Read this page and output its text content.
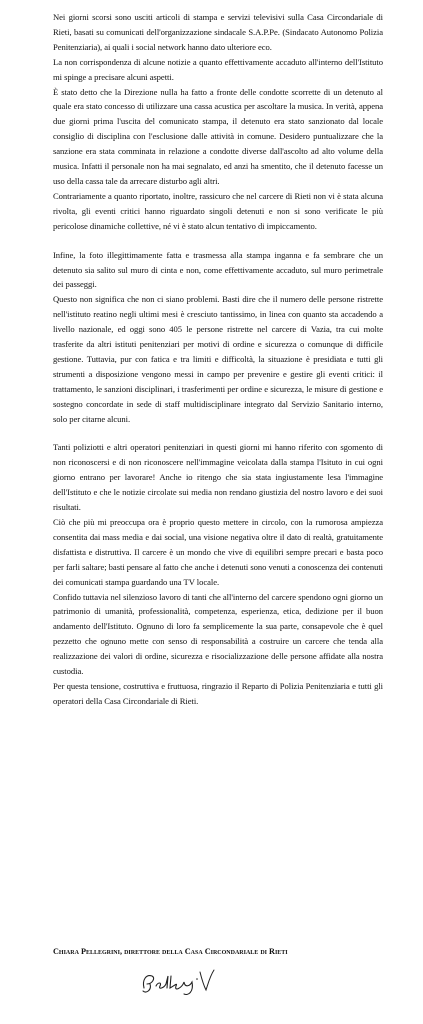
Nei giorni scorsi sono usciti articoli di stampa e servizi televisivi sulla Casa Circondariale di Rieti, basati su comunicati dell'organizzazione sindacale S.A.P.Pe. (Sindacato Autonomo Polizia Penitenziaria), ai quali i social network hanno dato ulteriore eco.

La non corrispondenza di alcune notizie a quanto effettivamente accaduto all'interno dell'Istituto mi spinge a precisare alcuni aspetti.

È stato detto che la Direzione nulla ha fatto a fronte delle condotte scorrette di un detenuto al quale era stato concesso di utilizzare una cassa acustica per ascoltare la musica. In verità, appena due giorni prima l'uscita del comunicato stampa, il detenuto era stato sanzionato dal locale consiglio di disciplina con l'esclusione dalle attività in comune. Desidero puntualizzare che la sanzione era stata comminata in relazione a condotte diverse dall'ascolto ad alto volume della musica. Infatti il personale non ha mai segnalato, ed anzi ha smentito, che il detenuto facesse un uso della cassa tale da arrecare disturbo agli altri.

Contrariamente a quanto riportato, inoltre, rassicuro che nel carcere di Rieti non vi è stata alcuna rivolta, gli eventi critici hanno riguardato singoli detenuti e non si sono verificate le più pericolose dinamiche collettive, né vi è stato alcun tentativo di impiccamento.

Infine, la foto illegittimamente fatta e trasmessa alla stampa inganna e fa sembrare che un detenuto sia salito sul muro di cinta e non, come effettivamente accaduto, sul muro perimetrale dei passeggi.

Questo non significa che non ci siano problemi. Basti dire che il numero delle persone ristrette nell'istituto reatino negli ultimi mesi è cresciuto tantissimo, in linea con quanto sta accadendo a livello nazionale, ed oggi sono 405 le persone ristrette nel carcere di Vazia, tra cui molte trasferite da altri istituti penitenziari per motivi di ordine e sicurezza o comunque di difficile gestione. Tuttavia, pur con fatica e tra limiti e difficoltà, la situazione è presidiata e tutti gli strumenti a disposizione vengono messi in campo per prevenire e gestire gli eventi critici: il trattamento, le sanzioni disciplinari, i trasferimenti per ordine e sicurezza, le misure di gestione e sostegno concordate in sede di staff multidisciplinare integrato dal Servizio Sanitario interno, solo per citarne alcuni.

Tanti poliziotti e altri operatori penitenziari in questi giorni mi hanno riferito con sgomento di non riconoscersi e di non riconoscere nell'immagine veicolata dalla stampa l'Isituto in cui ogni giorno entrano per lavorare! Anche io ritengo che sia stata ingiustamente lesa l'immagine dell'Istituto e che le notizie circolate sui media non rendano giustizia del nostro lavoro e dei suoi risultati.

Ciò che più mi preoccupa ora è proprio questo mettere in circolo, con la rumorosa ampiezza consentita dai mass media e dai social, una visione negativa oltre il dato di realtà, gratuitamente disfattista e distruttiva. Il carcere è un mondo che vive di equilibri sempre precari e basta poco per farli saltare; basti pensare al fatto che anche i detenuti sono venuti a conoscenza dei contenuti dei comunicati stampa guardando una TV locale.

Confido tuttavia nel silenzioso lavoro di tanti che all'interno del carcere spendono ogni giorno un patrimonio di umanità, professionalità, competenza, esperienza, etica, dedizione per il buon andamento dell'Istituto. Ognuno di loro fa semplicemente la sua parte, consapevole che è quel pezzetto che ognuno mette con senso di responsabilità a costruire un carcere che tenda alla realizzazione dei valori di ordine, sicurezza e risocializzazione delle persone affidate alla nostra custodia.

Per questa tensione, costruttiva e fruttuosa, ringrazio il Reparto di Polizia Penitenziaria e tutti gli operatori della Casa Circondariale di Rieti.

Chiara Pellegrini, direttore della Casa Circondariale di Rieti
